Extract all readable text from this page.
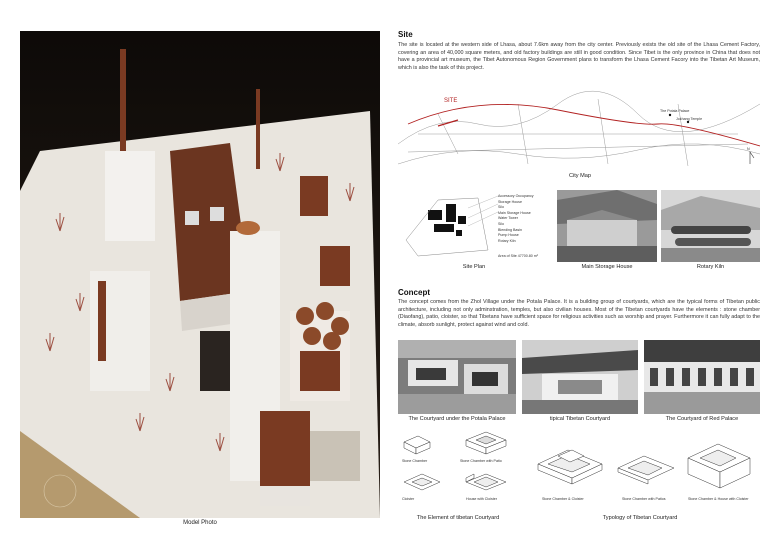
Model Photo
Site
The site is located at the western side of Lhasa, about 7.6km away from the city center. Previously exists the old site of the Lhasa Cement Factory, covering an area of 40,000 square meters, and old factory buildings are still in good condition. Since Tibet is the only province in China that does not have a provincial art museum, the Tibet Autonomous Region Government plans to transform the Lhasa Cement Facory into the Tibetan Art Museum, which is also the task of this project.
SITE
The Potala Palace
Jokhang Temple
N
City Map
Accessory Occupancy
Storage House
Silo
Main Storage House
Water Tower
Silo
Blending Basin
Pump House
Rotary Kiln
Area of Site 47700.80 m²
Site Plan	Main Storage House	Rotary Kiln
Concept
The concept comes from the Zhol Village under the Potala Palace. It is a building group of courtyards, which are the typical forms of Tibetan public architecture, including not only adminstration, temples, but also civilian houses. Most of the Tibetan courtyards have the elements : stone chamber (Diaofang), patio, cloister, so that Tibetans have sufficient space for religious activities such as worship and prayer. Furthermore it can fully adapt to the climate, absorb sunlight, protect against wind and cold.
The Courtyard under the Potala Palace	tipical Tibetan Courtyard	The Courtyard of Red Palace
Stone Chamber	Stone Chamber with Patio
Cloister	House with Cloister
The Element of tibetan Courtyard
Stone Chamber & Cloister	Stone Chamber with Patios	Stone Chamber & House with Cloister
Typology of Tibetan Courtyard
